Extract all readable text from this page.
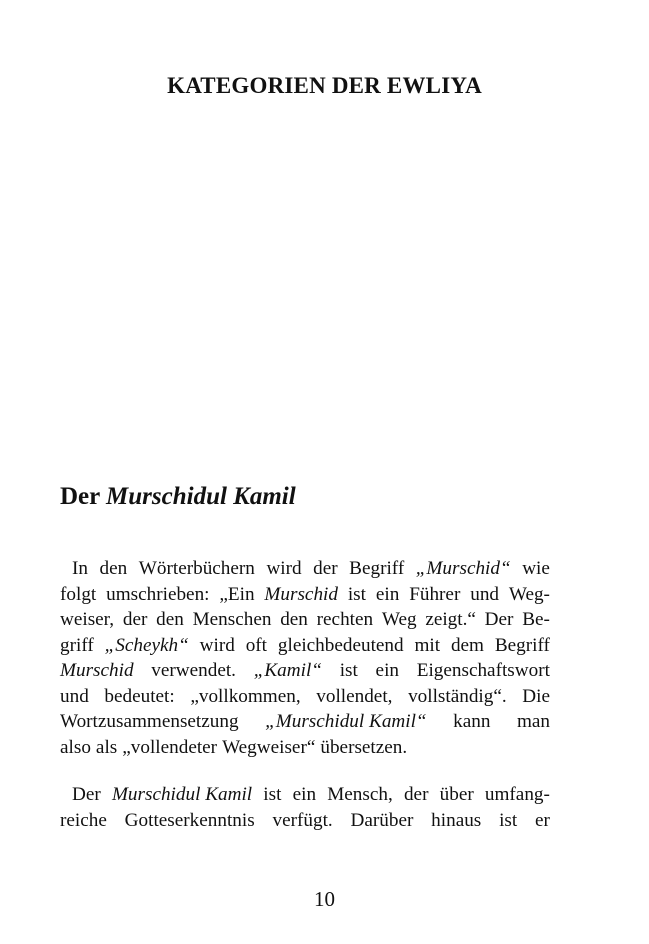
KATEGORIEN DER EWLIYA
Der Murschidul Kamil
In den Wörterbüchern wird der Begriff „Murschid“ wie
folgt umschrieben: „Ein Murschid ist ein Führer und Weg-
weiser, der den Menschen den rechten Weg zeigt.“ Der Be-
griff „Scheykh“ wird oft gleichbedeutend mit dem Begriff
Murschid verwendet. „Kamil“ ist ein Eigenschaftswort
und bedeutet: „vollkommen, vollendet, vollständig“. Die
Wortzusammensetzung „Murschidul Kamil“ kann man
also als „vollendeter Wegweiser“ übersetzen.
Der Murschidul Kamil ist ein Mensch, der über umfang-
reiche Gotteserkenntnis verfügt. Darüber hinaus ist er
10
